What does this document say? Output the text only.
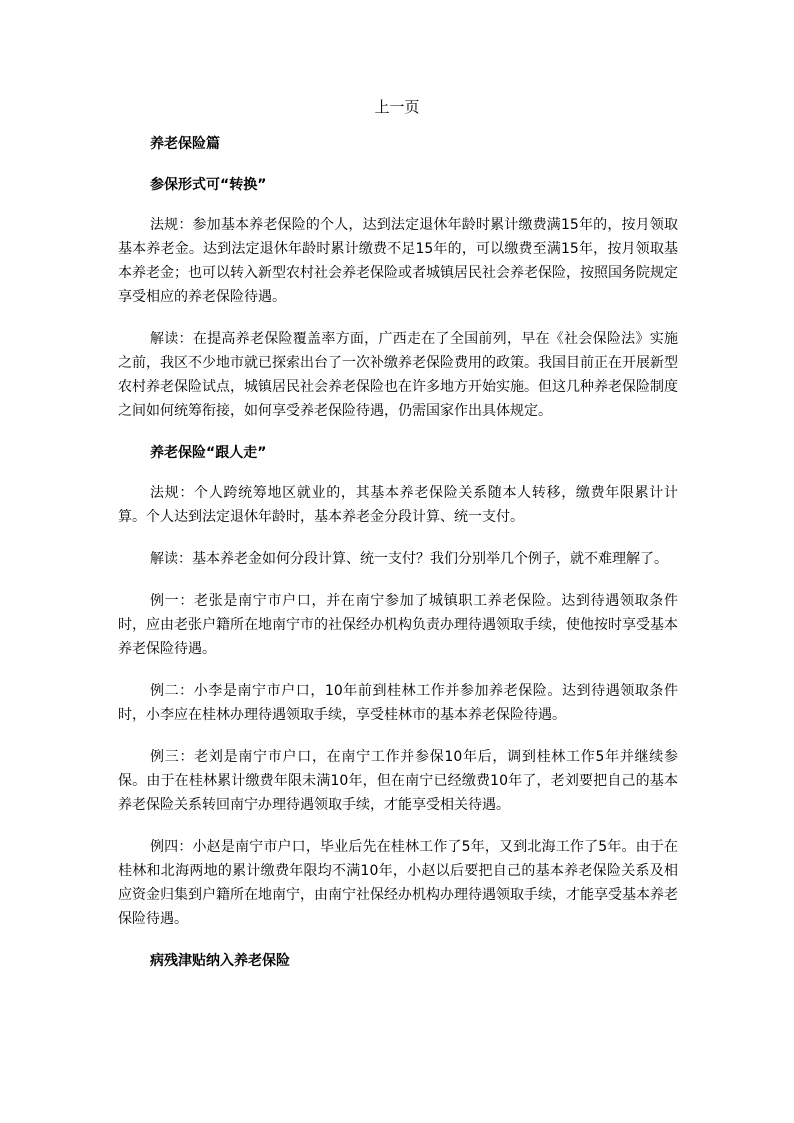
上一页

养老保险篇

参保形式可“转换”

法规：参加基本养老保险的个人，达到法定退休年龄时累计缴费满15年的，按月领取基本养老金。达到法定退休年龄时累计缴费不足15年的，可以缴费至满15年，按月领取基本养老金；也可以转入新型农村社会养老保险或者城镇居民社会养老保险，按照国务院规定享受相应的养老保险待遇。

解读：在提高养老保险覆盖率方面，广西走在了全国前列，早在《社会保险法》实施之前，我区不少地市就已探索出台了一次补缴养老保险费用的政策。我国目前正在开展新型农村养老保险试点，城镇居民社会养老保险也在许多地方开始实施。但这几种养老保险制度之间如何统筹衔接，如何享受养老保险待遇，仍需国家作出具体规定。

养老保险“跟人走”

法规：个人跨统筹地区就业的，其基本养老保险关系随本人转移，缴费年限累计计算。个人达到法定退休年龄时，基本养老金分段计算、统一支付。

解读：基本养老金如何分段计算、统一支付？我们分别举几个例子，就不难理解了。

例一：老张是南宁市户口，并在南宁参加了城镇职工养老保险。达到待遇领取条件时，应由老张户籍所在地南宁市的社保经办机构负责办理待遇领取手续，使他按时享受基本养老保险待遇。

例二：小李是南宁市户口，10年前到桂林工作并参加养老保险。达到待遇领取条件时，小李应在桂林办理待遇领取手续，享受桂林市的基本养老保险待遇。

例三：老刘是南宁市户口，在南宁工作并参保10年后，调到桂林工作5年并继续参保。由于在桂林累计缴费年限未满10年，但在南宁已经缴费10年了，老刘要把自己的基本养老保险关系转回南宁办理待遇领取手续，才能享受相关待遇。

例四：小赵是南宁市户口，毕业后先在桂林工作了5年，又到北海工作了5年。由于在桂林和北海两地的累计缴费年限均不满10年，小赵以后要把自己的基本养老保险关系及相应资金归集到户籍所在地南宁，由南宁社保经办机构办理待遇领取手续，才能享受基本养老保险待遇。

病残津贴纳入养老保险
